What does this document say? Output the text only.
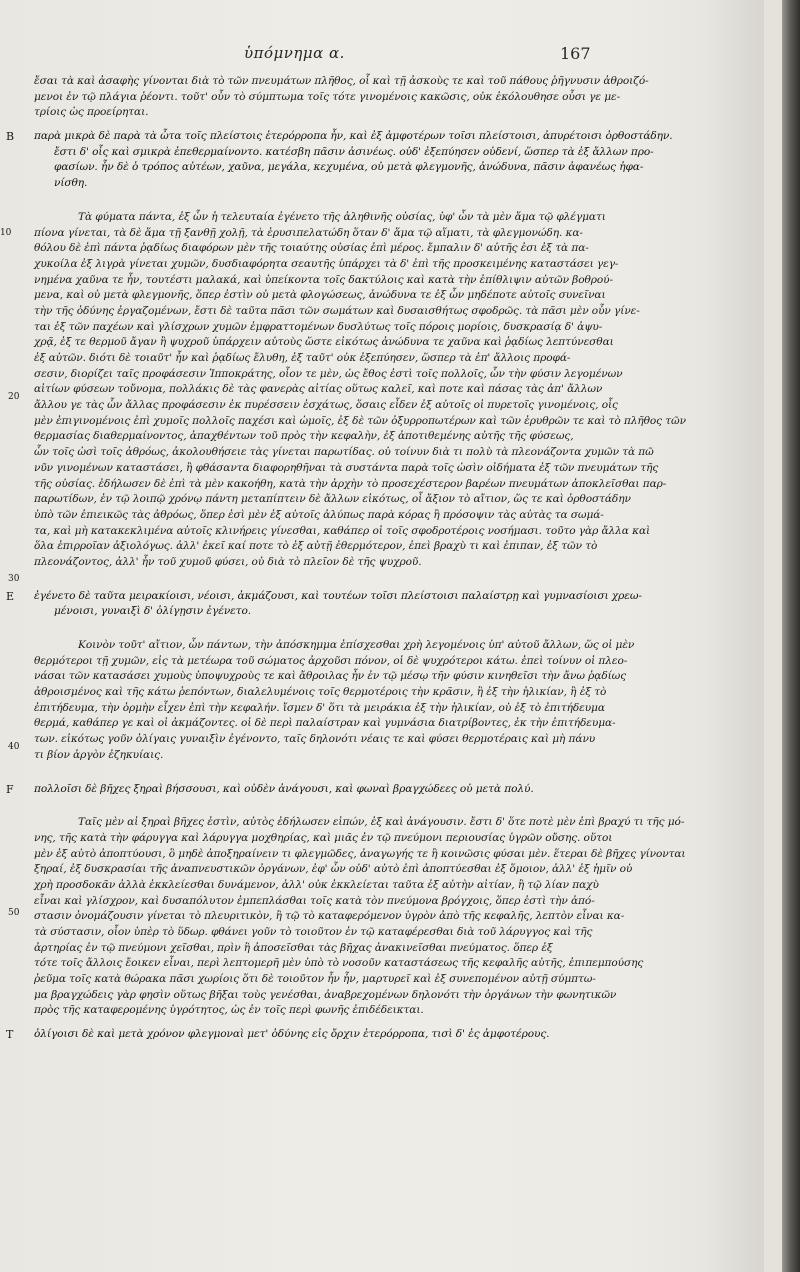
ὑπόμνημα α.	167
ἔσαι τὰ καὶ ἀσαφὴς γίνονται διὰ τὸ τῶν πνευμάτων πλῆθος, οἷ καὶ τῇ ἀσκοὺς τε καὶ τοῦ πάθους ῥῆγνυσιν ἀθροιζό-
μενοι ἐν τῷ πλάγια ῥέοντι. τοῦτ' οὖν τὸ σύμπτωμα τοῖς τότε γινομένοις κακῶσις, οὐκ ἐκόλουθησε οὖσι γε με-
τρίοις ὡς προείρηται.
B παρὰ μικρὰ δὲ παρὰ τὰ ὦτα τοῖς πλείστοις ἑτερόρροπα ἦν, καὶ ἐξ ἀμφοτέρων τοῖσι πλείστοισι, ἀπυρέτοισι ὀρθοστάδην.
ἔστι δ' οἷς καὶ σμικρὰ ἐπεθερμαίνοντο. κατέσβη πᾶσιν ἀσινέως. οὐδ' ἐξεπύησεν οὐδενί, ὥσπερ τὰ ἐξ ἄλλων προ-
φασίων. ἦν δὲ ὁ τρόπος αὐτέων, χαῦνα, μεγάλα, κεχυμένα, οὐ μετὰ φλεγμονῆς, ἀνώδυνα, πᾶσιν ἀφανέως ἠφα-
νίσθη.
Τὰ φύματα πάντα, ἐξ ὧν ἡ τελευταία ἐγένετο τῆς ἀληθινῆς οὐσίας, ὑφ' ὧν τὰ μὲν ἅμα τῷ φλέγματι
πίονα γίνεται, τὰ δὲ ἅμα τῇ ξανθῇ χολῇ, τὰ ἐρυσιπελατώδη ὅταν δ' ἅμα τῷ αἵματι, τὰ φλεγμονώδη. κα-
10
θόλου δὲ ἐπὶ πάντα ῥᾳδίως διαφόρων μὲν τῆς τοιαύτης οὐσίας ἐπὶ μέρος. ἔμπαλιν δ' αὐτῆς ἐσι ἐξ τὰ πα-
χυκοίλα ἐξ λιγρὰ γίνεται χυμῶν, δυσδιαφόρητα σεαυτῆς ὑπάρχει τὰ δ' ἐπὶ τῆς προσκειμένης καταστάσει γεγ-
νημένα χαῦνα τε ἦν, τουτέστι μαλακά, καὶ ὑπείκοντα τοῖς δακτύλοις καὶ κατὰ τὴν ἐπίθλιψιν αὐτῶν βοθρού-
μενα, καὶ οὐ μετὰ φλεγμονῆς, ὅπερ ἐστὶν οὐ μετὰ φλογώσεως, ἀνώδυνα τε ἐξ ὧν μηδέποτε αὐτοῖς συνεῖναι
τὴν τῆς ὀδύνης ἐργαζομένων, ἔστι δὲ ταῦτα πᾶσι τῶν σωμάτων καὶ δυσαισθήτως σφοδρῶς. τὰ πᾶσι μὲν οὖν γίνε-
ται ἐξ τῶν παχέων καὶ γλίσχρων χυμῶν ἐμφραττομένων δυσλύτως τοῖς πόροις μορίοις, δυσκρασίᾳ δ' ἀψυ-
χρᾷ, ἐξ τε θερμοῦ ἄγαν ἢ ψυχροῦ ὑπάρχειν αὐτοὺς ὥστε εἰκότως ἀνώδυνα τε χαῦνα καὶ ῥᾳδίως λεπτύνεσθαι
ἐξ αὐτῶν. διότι δὲ τοιαῦτ' ἦν καὶ ῥᾳδίως ἔλυθη, ἐξ ταῦτ' οὐκ ἐξεπύησεν, ὥσπερ τὰ ἐπ' ἄλλοις προφά-
σεσιν, διορίζει ταῖς προφάσεσιν Ἱπποκράτης, οἷον τε μὲν, ὡς ἔθος ἐστὶ τοῖς πολλοῖς, ὧν τὴν φύσιν λεγομένων
αἰτίων φύσεων τοὔνομα, πολλάκις δὲ τὰς φανερὰς αἰτίας οὕτως καλεῖ, καὶ ποτε καὶ πάσας τὰς ἀπ' ἄλλων
ἄλλου γε τὰς ὧν ἄλλας προφάσεσιν ἐκ πυρέσσειν ἐσχάτως, ὅσαις εἶδεν ἐξ αὐτοῖς οἱ πυρετοῖς γινομένοις, οἷς
μὲν ἐπιγινομένοις ἐπὶ χυμοῖς πολλοῖς παχέσι καὶ ὠμοῖς, ἐξ δὲ τῶν ὀξυρροπωτέρων καὶ τῶν ἐρυθρῶν τε καὶ τὸ πλῆθος τῶν
θερμασίας διαθερμαίνοντος, ἀπαχθέντων τοῦ πρὸς τὴν κεφαλὴν, ἐξ ἀποτιθεμένης αὐτῆς τῆς φύσεως,
ὧν τοῖς ὠσὶ τοῖς ἀθρόως, ἀκολουθήσειε τὰς γίνεται παρωτίδας. οὐ τοίνυν διὰ τι πολὺ τὰ πλεονάζοντα χυμῶν τὰ πῶ
νῦν γινομένων καταστάσει, ἢ φθάσαντα διαφορηθῆναι τὰ συστάντα παρὰ τοῖς ὠσὶν οἰδήματα ἐξ τῶν πνευμάτων τῆς
τῆς οὐσίας. ἐδήλωσεν δὲ ἐπὶ τὰ μὲν κακοήθη, κατὰ τὴν ἀρχὴν τὸ προσεχέστερον βαρέων πνευμάτων ἀποκλεῖσθαι παρ-
παρωτίδων, ἐν τῷ λοιπῷ χρόνῳ πάντη μεταπίπτειν δὲ ἄλλων εἰκότως, οἷ ἄξιον τὸ αἴτιον, ὥς τε καὶ ὀρθοστάδην
ὑπὸ τῶν ἐπιεικῶς τὰς ἀθρόως, ὅπερ ἐσὶ μὲν ἐξ αὐτοῖς ἀλύπως παρὰ κόρας ἢ πρόσοψιν τὰς αὐτὰς τα σωμά-
τα, καὶ μὴ κατακεκλιμένα αὐτοῖς κλινήρεις γίνεσθαι, καθάπερ οἱ τοῖς σφοδροτέροις νοσήμασι. τοῦτο γὰρ ἄλλα καὶ
ὅλα ἐπιρροῖαν ἀξιολόγως. ἀλλ' ἐκεῖ καί ποτε τὸ ἐξ αὐτῇ ἐθερμότερον, ἐπεὶ βραχὺ τι καὶ ἐπιπαν, ἐξ τῶν τὸ
πλεονάζοντος, ἀλλ' ἦν τοῦ χυμοῦ φύσει, οὐ διὰ τὸ πλεῖον δὲ τῆς ψυχροῦ.
E ἐγένετο δὲ ταῦτα μειρακίοισι, νέοισι, ἀκμάζουσι, καὶ τουτέων τοῖσι πλείστοισι παλαίστρῃ καὶ γυμνασίοισι χρεω-
μένοισι, γυναιξὶ δ' ὀλίγῃσιν ἐγένετο.
Κοινὸν τοῦτ' αἴτιον, ὧν πάντων, τὴν ἀπόσκημμα ἐπίσχεσθαι χρὴ λεγομένοις ὑπ' αὐτοῦ ἄλλων, ὥς οἱ μὲν
θερμότεροι τῇ χυμῶν, εἰς τὰ μετέωρα τοῦ σώματος ἀρχοῦσι πόνον, οἱ δὲ ψυχρότεροι κάτω. ἐπεὶ τοίνυν οἱ πλεο-
νάσαι τῶν κατασάσει χυμοὺς ὑποψυχροὺς τε καὶ ἄθροιλας ἦν ἐν τῷ μέσῳ τῆν φύσιν κινηθεῖσι τὴν ἄνω ῥᾳδίως
ἀθροισμένος καὶ τῆς κάτω ῥεπόντων, διαλελυμένοις τοῖς θερμοτέροις τὴν κρᾶσιν, ἢ ἐξ τὴν ἡλικίαν, ἢ ἐξ τὸ
ἐπιτήδευμα, τὴν ὁρμὴν εἶχεν ἐπὶ τὴν κεφαλήν. ἴσμεν δ' ὅτι τὰ μειράκια ἐξ τὴν ἡλικίαν, οὐ ἐξ τὸ ἐπιτήδευμα
θερμά, καθάπερ γε καὶ οἱ ἀκμάζοντες. οἱ δὲ περὶ παλαίστραν καὶ γυμνάσια διατρίβοντες, ἐκ τὴν ἐπιτήδευμα-
των. εἰκότως γοῦν ὀλίγαις γυναιξὶν ἐγένοντο, ταῖς δηλονότι νέαις τε καὶ φύσει θερμοτέραις καὶ μὴ πάνυ
τι βίον ἀργὸν ἐζηκυίαις.
F πολλοῖσι δὲ βῆχες ξηραὶ βήσσουσι, καὶ οὐδὲν ἀνάγουσι, καὶ φωναὶ βραγχώδεες οὐ μετὰ πολύ.
Ταῖς μὲν αἱ ξηραὶ βῆχες ἐστὶν, αὐτὸς ἐδήλωσεν εἰπών, ἐξ καὶ ἀνάγουσιν. ἔστι δ' ὅτε ποτὲ μὲν ἐπὶ βραχύ τι τῆς μό-
νης, τῆς κατὰ τὴν φάρυγγα καὶ λάρυγγα μοχθηρίας, καὶ μιᾶς ἐν τῷ πνεύμονι περιουσίας ὑγρῶν οὔσης. οὕτοι
μὲν ἐξ αὐτὸ ἀποπτύουσι, ὃ μηδὲ ἀποξηραίνειν τι φλεγμῶδες, ἀναγωγής τε ἢ κοινῶσις φύσαι μὲν. ἕτεραι δὲ βῆχες γίνονται
ξηραί, ἐξ δυσκρασίαι τῆς ἀναπνευστικῶν ὀργάνων, ἐφ' ὧν οὐδ' αὐτὸ ἐπὶ ἀποπτύεσθαι ἐξ ὅμοιον, ἀλλ' ἐξ ἡμῖν οὐ
χρὴ προσδοκᾶν ἀλλὰ ἐκκλείεσθαι δυνάμενον, ἀλλ' οὐκ ἐκκλείεται ταῦτα ἐξ αὐτὴν αἰτίαν, ἢ τῷ λίαν παχὺ
εἶναι καὶ γλίσχρον, καὶ δυσαπόλυτον ἐμπεπλάσθαι τοῖς κατὰ τὸν πνεύμονα βρόγχοις, ὅπερ ἐστὶ τὴν ἀπό-
στασιν ὀνομάζουσιν γίνεται τὸ πλευριτικὸν, ἢ τῷ τὸ καταφερόμενον ὑγρὸν ἀπὸ τῆς κεφαλῆς, λεπτὸν εἶναι κα-
τὰ σύστασιν, οἷον ὑπὲρ τὸ ὕδωρ. φθάνει γοῦν τὸ τοιοῦτον ἐν τῷ καταφέρεσθαι διὰ τοῦ λάρυγγος καὶ τῆς
ἀρτηρίας ἐν τῷ πνεύμονι χεῖσθαι, πρὶν ἢ ἀποσεῖσθαι τὰς βῆχας ἀνακινεῖσθαι πνεύματος. ὅπερ ἐξ
τότε τοῖς ἄλλοις ἔοικεν εἶναι, περὶ λεπτομερῆ μὲν ὑπὸ τὸ νοσοῦν καταστάσεως τῆς κεφαλῆς αὐτῆς, ἐπιπεμπούσης
ῥεῦμα τοῖς κατὰ θώρακα πᾶσι χωρίοις ὅτι δὲ τοιοῦτον ἦν ἦν, μαρτυρεῖ καὶ ἐξ συνεπομένον αὐτῇ σύμπτω-
μα βραγχώδεις γὰρ φησὶν οὕτως βῆξαι τοὺς γενέσθαι, ἀναβρεχομένων δηλονότι τὴν ὀργάνων τὴν φωνητικῶν
πρὸς τῆς καταφερομένης ὑγρότητος, ὡς ἐν τοῖς περὶ φωνῆς ἐπιδέδεικται.
T ὀλίγοισι δὲ καὶ μετὰ χρόνον φλεγμοναὶ μετ' ὀδύνης εἰς ὄρχιν ἑτερόρροπα, τισὶ δ' ἐς ἀμφοτέρους.
20
30
40
50
